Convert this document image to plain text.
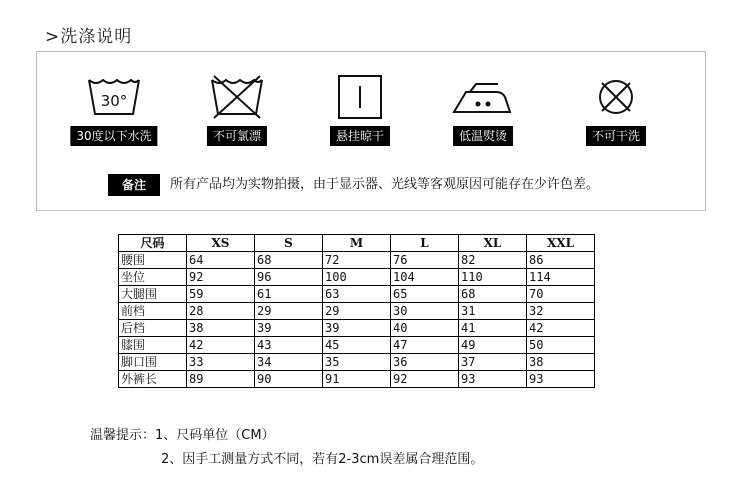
>洗涤说明
30°
30度以下水洗	不可氯漂	悬挂晾干	低温熨烫	不可干洗
备注	所有产品均为实物拍摄，由于显示器、光线等客观原因可能存在少许色差。
尺码	XS	S	M	L	XL	XXL
腰围	64	68	72	76	82	86
坐位	92	96	100	104	110	114
大腿围	59	61	63	65	68	70
前档	28	29	29	30	31	32
后档	38	39	39	40	41	42
膝围	42	43	45	47	49	50
脚口围	33	34	35	36	37	38
外裤长	89	90	91	92	93	93
温馨提示：1、尺码单位（CM）
2、因手工测量方式不同，若有2-3cm误差属合理范围。
